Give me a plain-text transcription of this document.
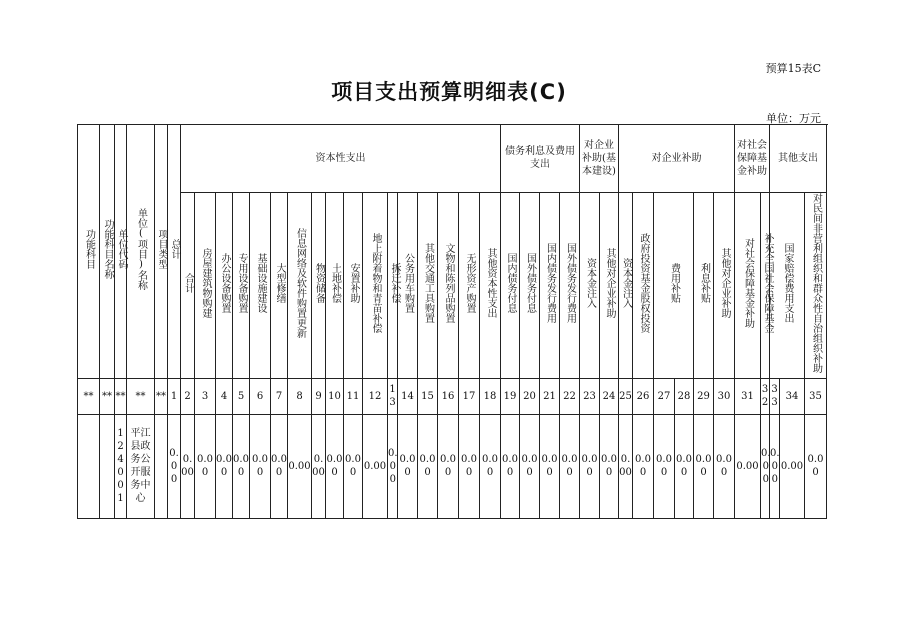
预算15表C
项目支出预算明细表(C)
单位：万元
功能科目	功能科目名称	单位代码	单位(项目)名称	项目类型	总计	资本性支出																	债务利息及费用支出				对企业补助(基本建设)		对企业补助						对社会保障基金补助		其他支出			
						合计	房屋建筑物购建	办公设备购置	专用设备购置	基础设施建设	大型修缮	信息网络及软件购置更新	物资储备	土地补偿	安置补助	地上附着物和青苗补偿	拆迁补偿	公务用车购置	其他交通工具购置	文物和陈列品购置	无形资产购置	其他资本性支出	国内债务付息	国外债务付息	国内债务发行费用	国外债务发行费用	资本金注入	其他对企业补助	资本金注入	政府投资基金股权投资	费用补贴		利息补贴	其他对企业补助	对社会保障基金补助	补充全国社会保障基金	国家赔偿费用支出		对民间非营利组织和群众性自治组织补助	
**	**	**	**	**	1	2	3	4	5	6	7	8	9	10	11	12	13	14	15	16	17	18	19	20	21	22	23	24	25	26	27	28	29	30	31	32	33	34	35	
		124001	平江县政务公开服务中心		0.00	0.00	0.00	0.00	0.00	0.00	0.00	0.00	0.00	0.00	0.00	0.00	0.00	0.00	0.00	0.00	0.00	0.00	0.00	0.00	0.00	0.00	0.00	0.00	0.00	0.00	0.00	0.00	0.00	0.00	0.00	0.00	0.00	0.00	0.00	
